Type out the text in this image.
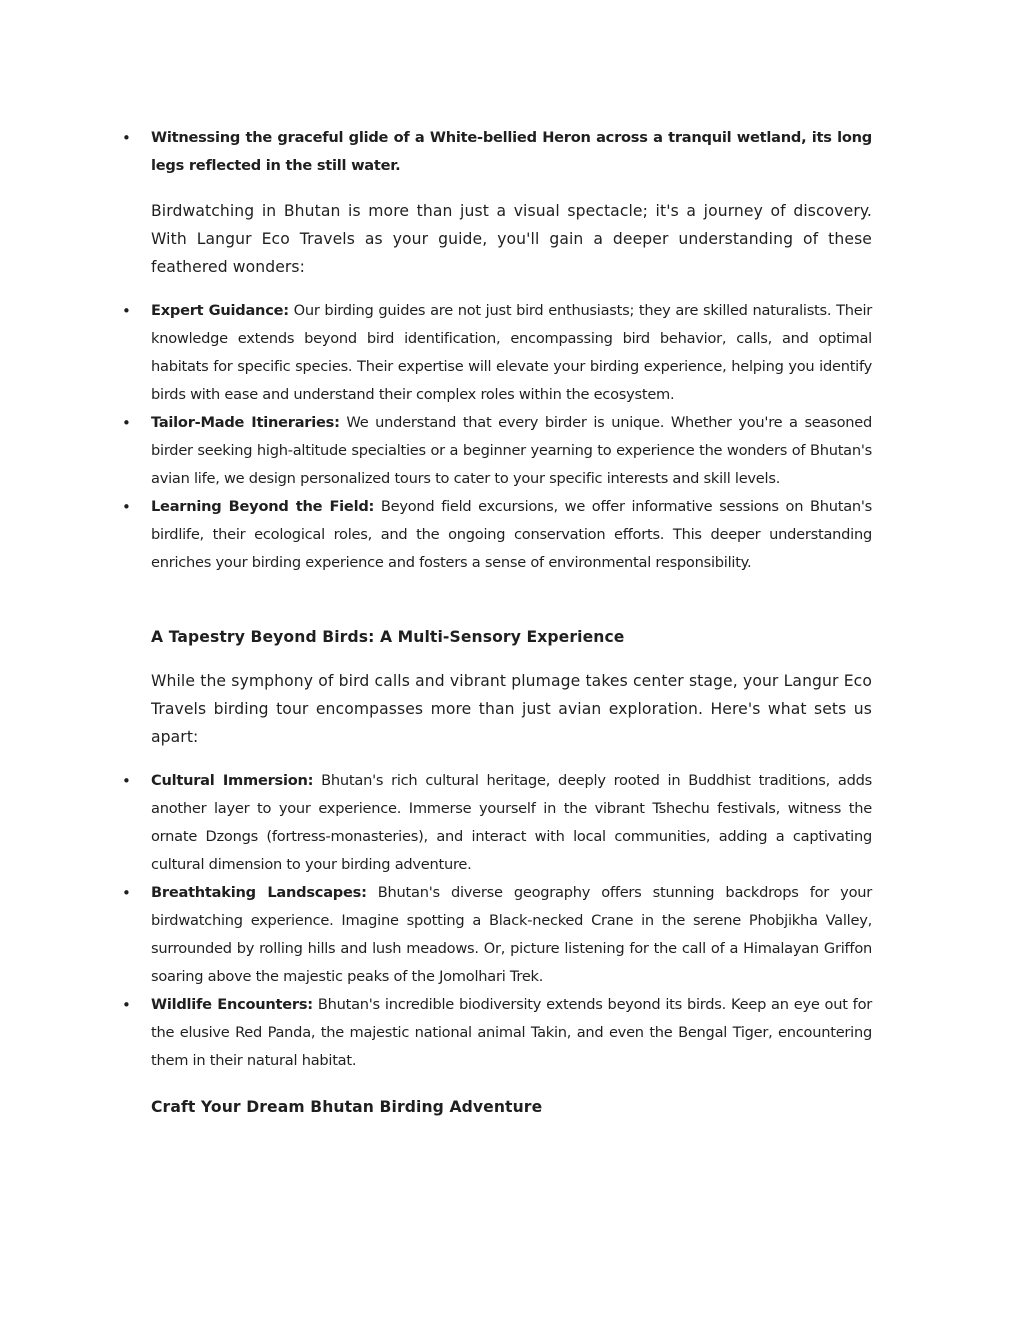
• Witnessing the graceful glide of a White-bellied Heron across a tranquil wetland, its long legs reflected in the still water.

Birdwatching in Bhutan is more than just a visual spectacle; it's a journey of discovery. With Langur Eco Travels as your guide, you'll gain a deeper understanding of these feathered wonders:

• Expert Guidance: Our birding guides are not just bird enthusiasts; they are skilled naturalists. Their knowledge extends beyond bird identification, encompassing bird behavior, calls, and optimal habitats for specific species. Their expertise will elevate your birding experience, helping you identify birds with ease and understand their complex roles within the ecosystem.
• Tailor-Made Itineraries: We understand that every birder is unique. Whether you're a seasoned birder seeking high-altitude specialties or a beginner yearning to experience the wonders of Bhutan's avian life, we design personalized tours to cater to your specific interests and skill levels.
• Learning Beyond the Field: Beyond field excursions, we offer informative sessions on Bhutan's birdlife, their ecological roles, and the ongoing conservation efforts. This deeper understanding enriches your birding experience and fosters a sense of environmental responsibility.
A Tapestry Beyond Birds: A Multi-Sensory Experience

While the symphony of bird calls and vibrant plumage takes center stage, your Langur Eco Travels birding tour encompasses more than just avian exploration. Here's what sets us apart:

• Cultural Immersion: Bhutan's rich cultural heritage, deeply rooted in Buddhist traditions, adds another layer to your experience. Immerse yourself in the vibrant Tshechu festivals, witness the ornate Dzongs (fortress-monasteries), and interact with local communities, adding a captivating cultural dimension to your birding adventure.
• Breathtaking Landscapes: Bhutan's diverse geography offers stunning backdrops for your birdwatching experience. Imagine spotting a Black-necked Crane in the serene Phobjikha Valley, surrounded by rolling hills and lush meadows. Or, picture listening for the call of a Himalayan Griffon soaring above the majestic peaks of the Jomolhari Trek.
• Wildlife Encounters: Bhutan's incredible biodiversity extends beyond its birds. Keep an eye out for the elusive Red Panda, the majestic national animal Takin, and even the Bengal Tiger, encountering them in their natural habitat.
Craft Your Dream Bhutan Birding Adventure
